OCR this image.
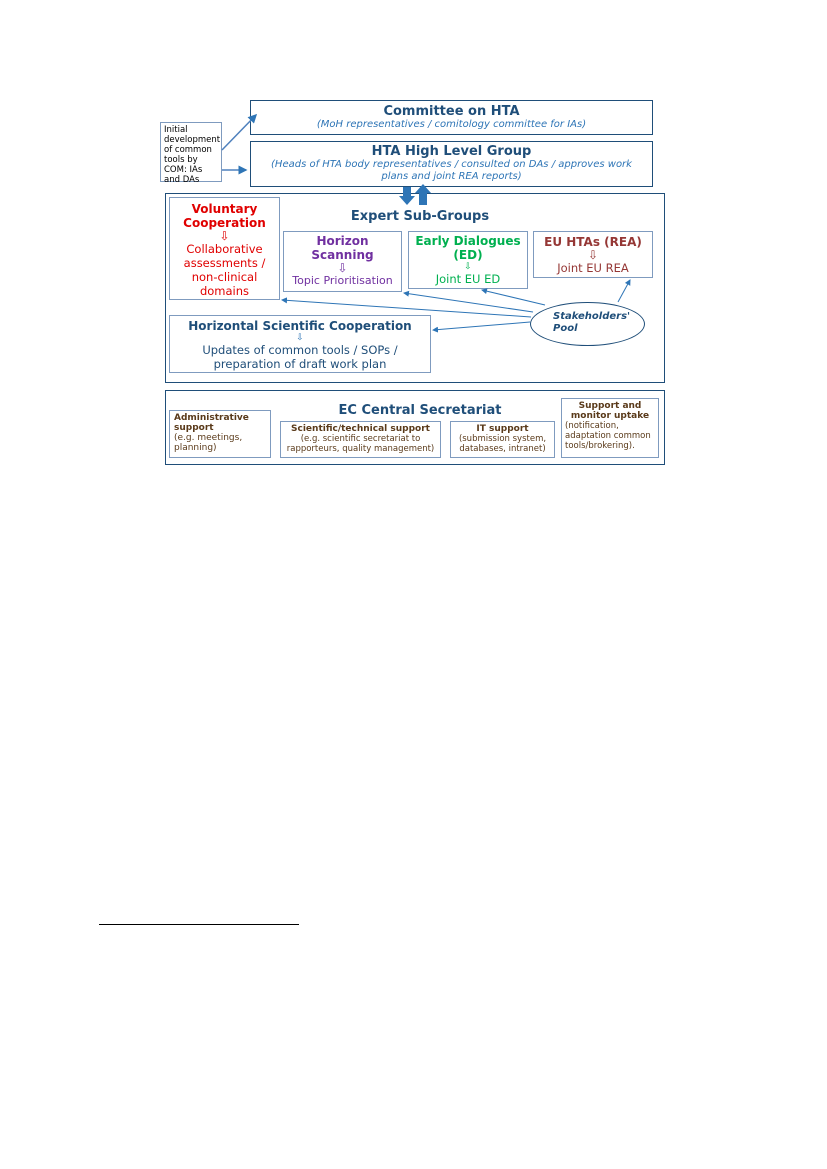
Committee on HTA
(MoH representatives / comitology committee for IAs)
Initial development of common tools by COM: IAs and DAs
HTA High Level Group
(Heads of HTA body representatives / consulted on DAs / approves work plans and joint REA reports)
Expert Sub-Groups
Voluntary Cooperation
⇩
Collaborative assessments / non-clinical domains
Horizon Scanning
⇩
Topic Prioritisation
Early Dialogues (ED)
⇩
Joint EU ED
EU HTAs (REA)
⇩
Joint EU REA
Horizontal Scientific Cooperation
⇩
Updates of common tools / SOPs / preparation of draft work plan
Stakeholders' Pool
EC Central Secretariat
Administrative support
(e.g. meetings, planning)
Scientific/technical support
(e.g. scientific secretariat to rapporteurs, quality management)
IT support
(submission system, databases, intranet)
Support and monitor uptake
(notification, adaptation common tools/brokering).
